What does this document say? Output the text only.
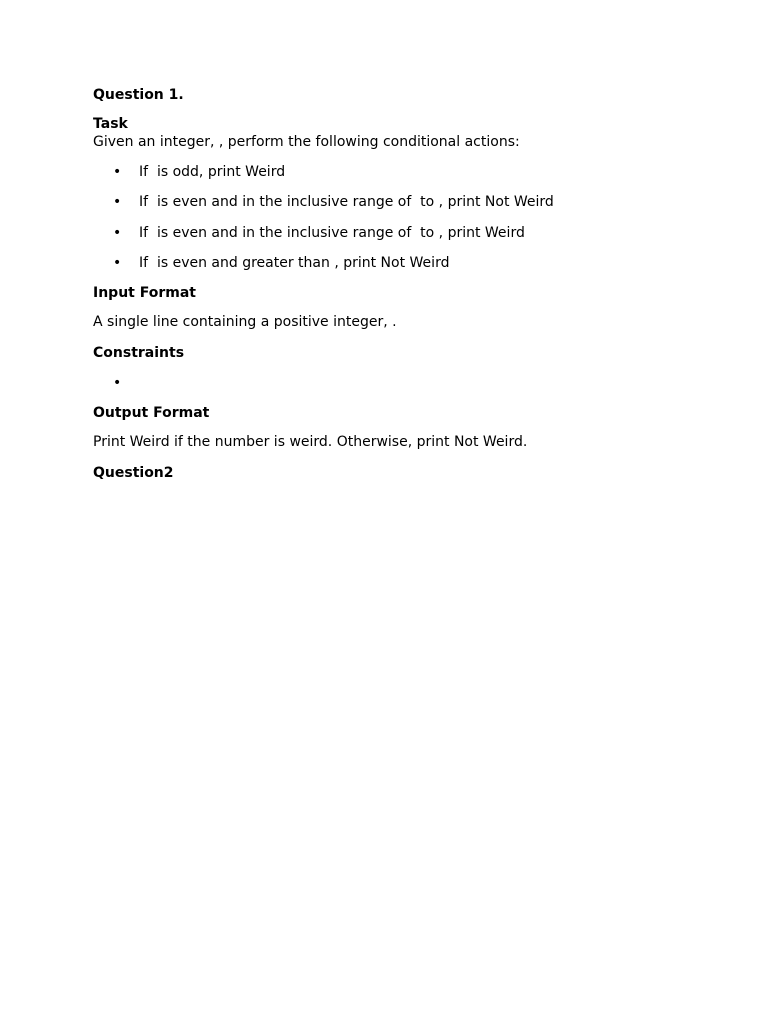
Question 1.
Task
Given an integer, , perform the following conditional actions:

•

If  is odd, print Weird

•

If  is even and in the inclusive range of  to , print Not Weird

•

If  is even and in the inclusive range of  to , print Weird

•

If  is even and greater than , print Not Weird

Input Format
A single line containing a positive integer, .
Constraints

•

Output Format
Print Weird if the number is weird. Otherwise, print Not Weird.
Question2
